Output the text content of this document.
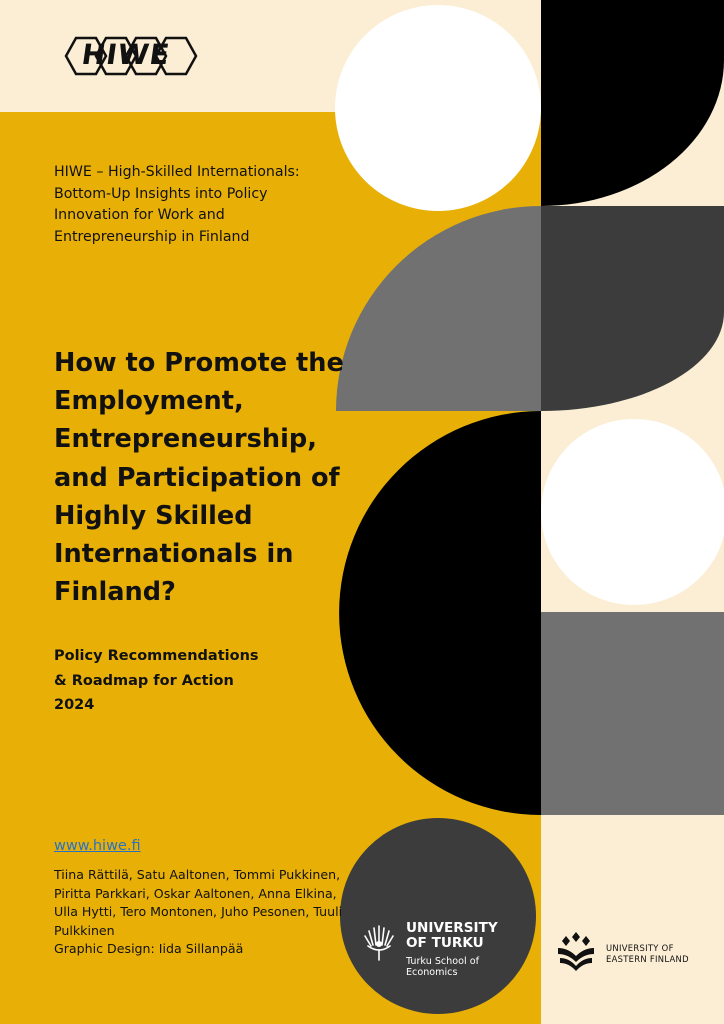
HIWE

HIWE – High-Skilled Internationals: Bottom-Up Insights into Policy Innovation for Work and Entrepreneurship in Finland

How to Promote the Employment, Entrepreneurship, and Participation of Highly Skilled Internationals in Finland?

Policy Recommendations
& Roadmap for Action
2024

www.hiwe.fi

Tiina Rättilä, Satu Aaltonen, Tommi Pukkinen, Piritta Parkkari, Oskar Aaltonen, Anna Elkina, Ulla Hytti, Tero Montonen, Juho Pesonen, Tuuli Pulkkinen
Graphic Design: Iida Sillanpää

UNIVERSITY
OF TURKU

Turku School of
Economics

UNIVERSITY OF
EASTERN FINLAND
